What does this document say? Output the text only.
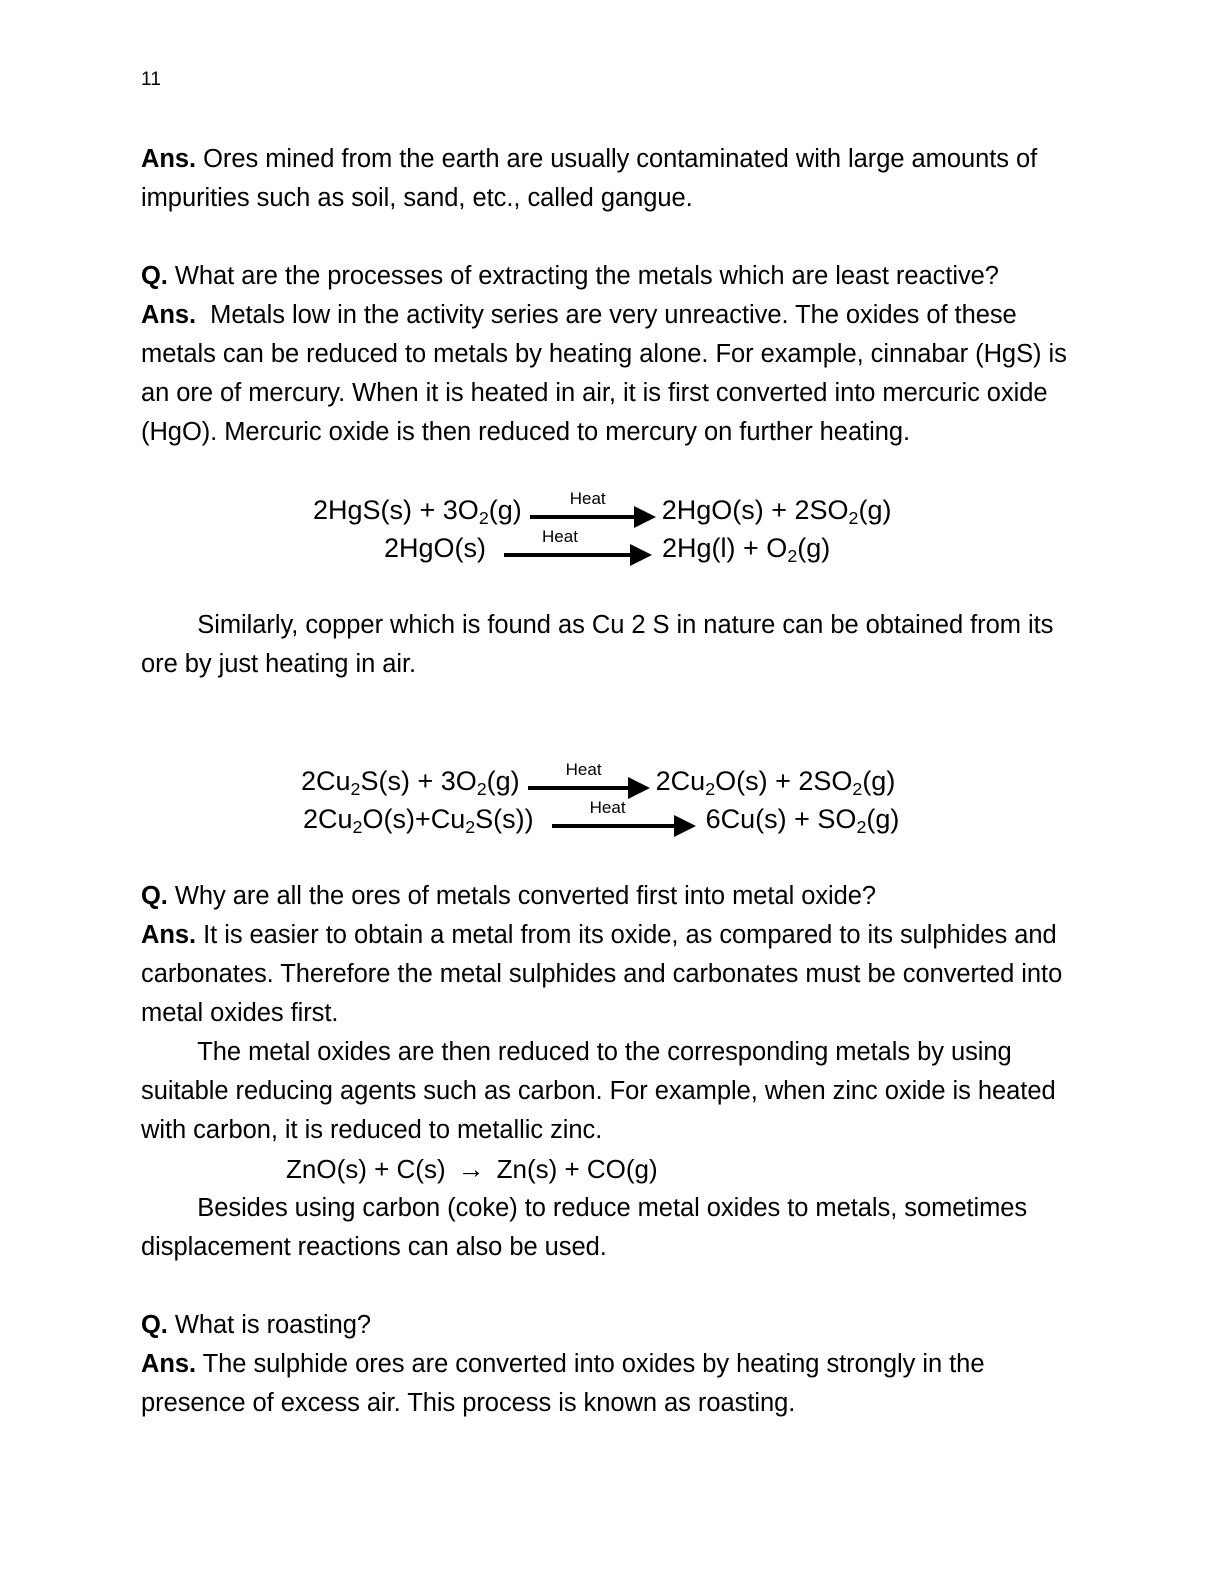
11

Ans. Ores mined from the earth are usually contaminated with large amounts of impurities such as soil, sand, etc., called gangue.

Q. What are the processes of extracting the metals which are least reactive?

Ans.  Metals low in the activity series are very unreactive. The oxides of these metals can be reduced to metals by heating alone. For example, cinnabar (HgS) is an ore of mercury. When it is heated in air, it is first converted into mercuric oxide (HgO). Mercuric oxide is then reduced to mercury on further heating.

$2HgS(s) + 3O_2(g)$	Heat $2HgO(s) + 2SO_2(g)$
2HgO(s)	Heat	$2Hg(l) + O_2(g)$

Similarly, copper which is found as Cu 2 S in nature can be obtained from its ore by just heating in air.

$2Cu_2S(s) + 3O_2(g)$	Heat $2Cu_2O(s) + 2SO_2(g)$
$2Cu_2O(s)+Cu_2S(s)$)	Heat	$6Cu(s) + SO_2(g)$

Q. Why are all the ores of metals converted first into metal oxide?

Ans. It is easier to obtain a metal from its oxide, as compared to its sulphides and carbonates. Therefore the metal sulphides and carbonates must be converted into metal oxides first.

The metal oxides are then reduced to the corresponding metals by using suitable reducing agents such as carbon. For example, when zinc oxide is heated with carbon, it is reduced to metallic zinc.

ZnO(s) + C(s) → Zn(s) + CO(g)

Besides using carbon (coke) to reduce metal oxides to metals, sometimes displacement reactions can also be used.

Q. What is roasting?

Ans. The sulphide ores are converted into oxides by heating strongly in the presence of excess air. This process is known as roasting.
